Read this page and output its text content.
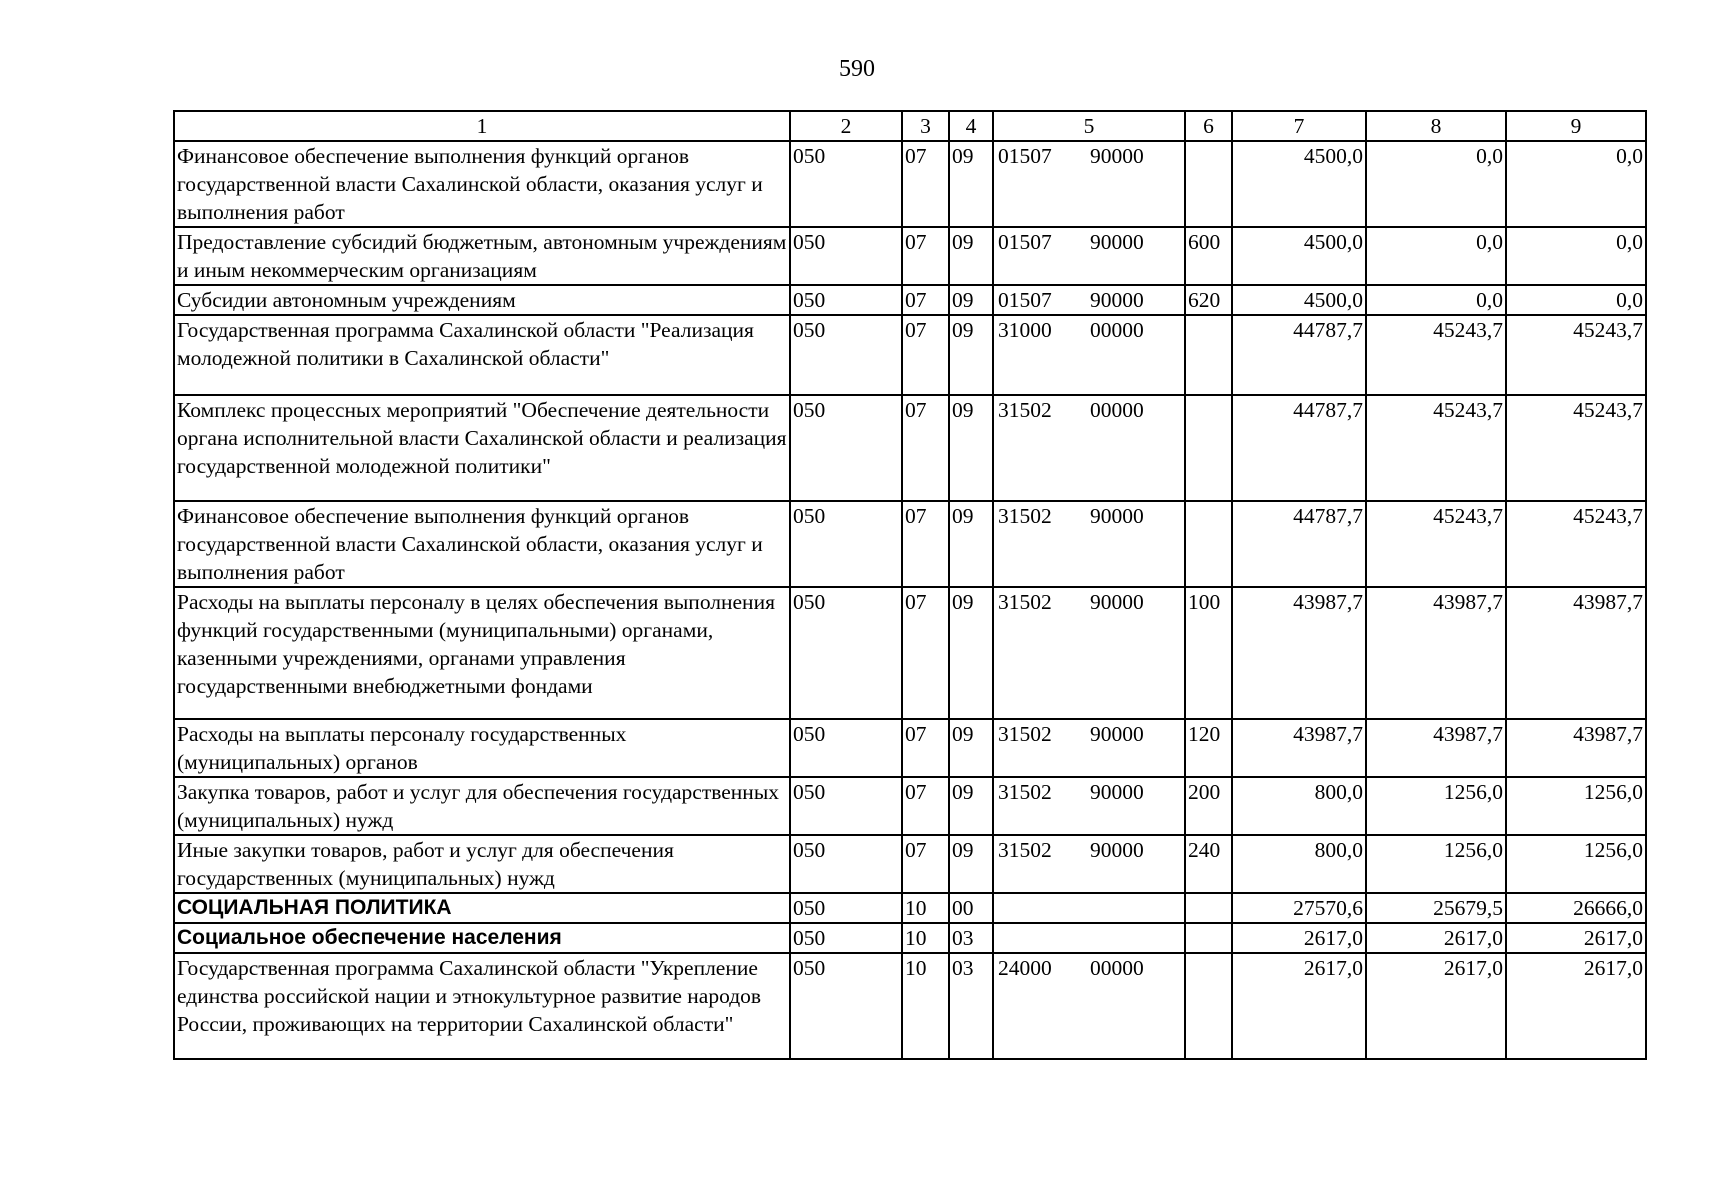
590
1	2	3	4	5	6	7	8	9
Финансовое обеспечение выполнения функций органов государственной власти Сахалинской области, оказания услуг и выполнения работ	050	07	09	01507 90000		4500,0	0,0	0,0
Предоставление субсидий бюджетным, автономным учреждениям и иным некоммерческим организациям	050	07	09	01507 90000	600	4500,0	0,0	0,0
Субсидии автономным учреждениям	050	07	09	01507 90000	620	4500,0	0,0	0,0
Государственная программа Сахалинской области "Реализация молодежной политики в Сахалинской области"	050	07	09	31000 00000		44787,7	45243,7	45243,7
Комплекс процессных мероприятий "Обеспечение деятельности органа исполнительной власти Сахалинской области и реализация государственной молодежной политики"	050	07	09	31502 00000		44787,7	45243,7	45243,7
Финансовое обеспечение выполнения функций органов государственной власти Сахалинской области, оказания услуг и выполнения работ	050	07	09	31502 90000		44787,7	45243,7	45243,7
Расходы на выплаты персоналу в целях обеспечения выполнения функций государственными (муниципальными) органами, казенными учреждениями, органами управления государственными внебюджетными фондами	050	07	09	31502 90000	100	43987,7	43987,7	43987,7
Расходы на выплаты персоналу государственных (муниципальных) органов	050	07	09	31502 90000	120	43987,7	43987,7	43987,7
Закупка товаров, работ и услуг для обеспечения государственных (муниципальных) нужд	050	07	09	31502 90000	200	800,0	1256,0	1256,0
Иные закупки товаров, работ и услуг для обеспечения государственных (муниципальных) нужд	050	07	09	31502 90000	240	800,0	1256,0	1256,0
СОЦИАЛЬНАЯ ПОЛИТИКА	050	10	00			27570,6	25679,5	26666,0
Социальное обеспечение населения	050	10	03			2617,0	2617,0	2617,0
Государственная программа Сахалинской области "Укрепление единства российской нации и этнокультурное развитие народов России, проживающих на территории Сахалинской области"	050	10	03	24000 00000		2617,0	2617,0	2617,0
